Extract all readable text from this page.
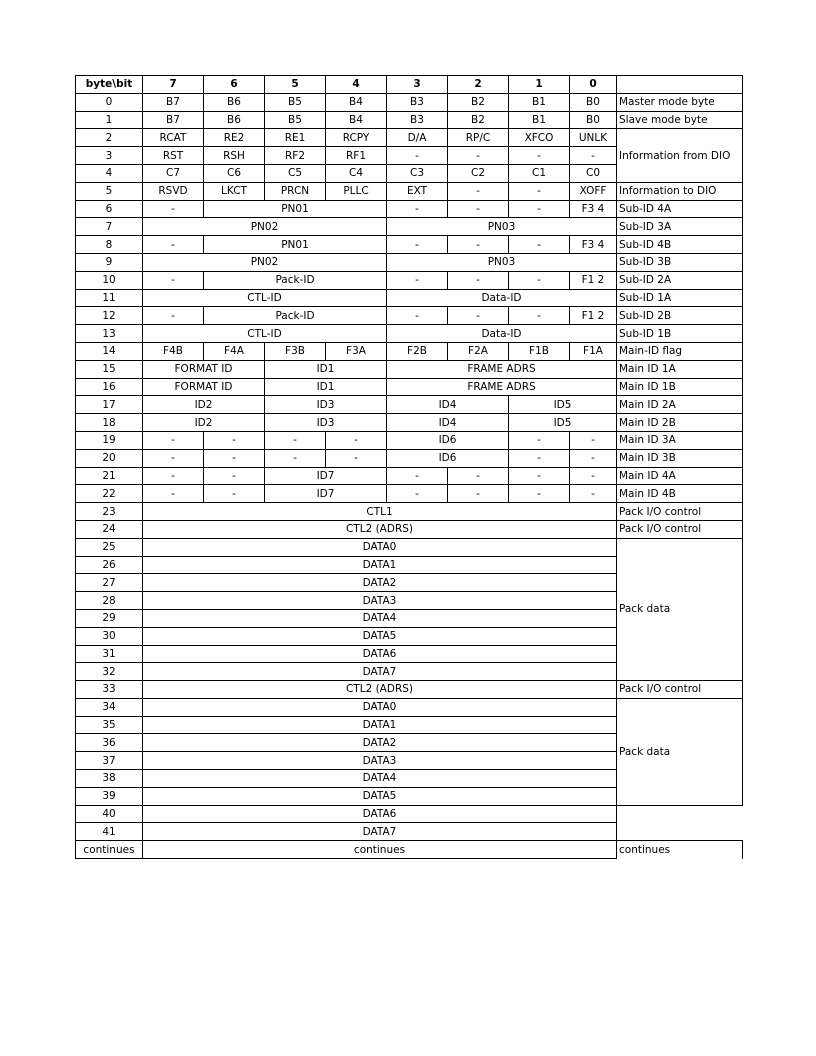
byte\bit	7	6	5	4	3	2	1	0	
0	B7	B6	B5	B4	B3	B2	B1	B0	Master mode byte
1	B7	B6	B5	B4	B3	B2	B1	B0	Slave mode byte
2	RCAT	RE2	RE1	RCPY	D/A	RP/C	XFCO	UNLK	Information from DIO
3	RST	RSH	RF2	RF1	-	-	-	-	
4	C7	C6	C5	C4	C3	C2	C1	C0	
5	RSVD	LKCT	PRCN	PLLC	EXT	-	-	XOFF	Information to DIO
6	-	PN01			-	-	-	F3 4	Sub-ID 4A
7	PN02				PN03				Sub-ID 3A
8	-	PN01			-	-	-	F3 4	Sub-ID 4B
9	PN02				PN03				Sub-ID 3B
10	-	Pack-ID			-	-	-	F1 2	Sub-ID 2A
11	CTL-ID				Data-ID				Sub-ID 1A
12	-	Pack-ID			-	-	-	F1 2	Sub-ID 2B
13	CTL-ID				Data-ID				Sub-ID 1B
14	F4B	F4A	F3B	F3A	F2B	F2A	F1B	F1A	Main-ID flag
15	FORMAT ID		ID1		FRAME ADRS				Main ID 1A
16	FORMAT ID		ID1		FRAME ADRS				Main ID 1B
17	ID2		ID3		ID4		ID5		Main ID 2A
18	ID2		ID3		ID4		ID5		Main ID 2B
19	-	-	-	-	ID6		-	-	Main ID 3A
20	-	-	-	-	ID6		-	-	Main ID 3B
21	-	-	ID7		-	-	-	-	Main ID 4A
22	-	-	ID7		-	-	-	-	Main ID 4B
23	CTL1								Pack I/O control
24	CTL2 (ADRS)								Pack I/O control
25	DATA0								Pack data
26	DATA1								
27	DATA2								
28	DATA3								
29	DATA4								
30	DATA5								
31	DATA6								
32	DATA7								
33	CTL2 (ADRS)								Pack I/O control
34	DATA0								Pack data
35	DATA1								
36	DATA2								
37	DATA3								
38	DATA4								
39	DATA5								
40	DATA6								
41	DATA7								
continues	continues								continues
